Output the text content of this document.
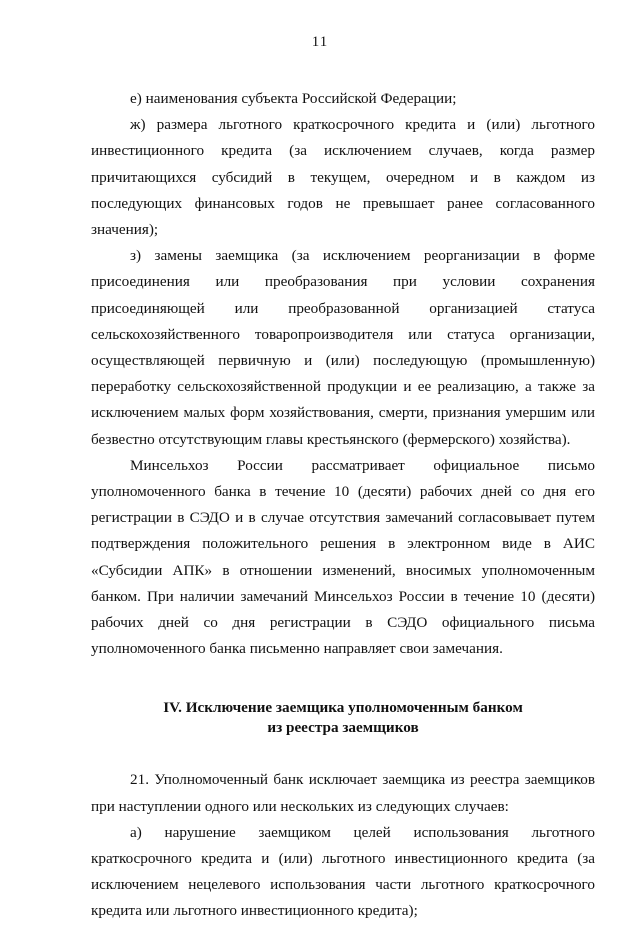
11

е) наименования субъекта Российской Федерации;

ж) размера льготного краткосрочного кредита и (или) льготного инвестиционного кредита (за исключением случаев, когда размер причитающихся субсидий в текущем, очередном и в каждом из последующих финансовых годов не превышает ранее согласованного значения);

з) замены заемщика (за исключением реорганизации в форме присоединения или преобразования при условии сохранения присоединяющей или преобразованной организацией статуса сельскохозяйственного товаропроизводителя или статуса организации, осуществляющей первичную и (или) последующую (промышленную) переработку сельскохозяйственной продукции и ее реализацию, а также за исключением малых форм хозяйствования, смерти, признания умершим или безвестно отсутствующим главы крестьянского (фермерского) хозяйства).

Минсельхоз России рассматривает официальное письмо уполномоченного банка в течение 10 (десяти) рабочих дней со дня его регистрации в СЭДО и в случае отсутствия замечаний согласовывает путем подтверждения положительного решения в электронном виде в АИС «Субсидии АПК» в отношении изменений, вносимых уполномоченным банком. При наличии замечаний Минсельхоз России в течение 10 (десяти) рабочих дней со дня регистрации в СЭДО официального письма уполномоченного банка письменно направляет свои замечания.

IV. Исключение заемщика уполномоченным банком
из реестра заемщиков

21. Уполномоченный банк исключает заемщика из реестра заемщиков при наступлении одного или нескольких из следующих случаев:

а) нарушение заемщиком целей использования льготного краткосрочного кредита и (или) льготного инвестиционного кредита (за исключением нецелевого использования части льготного краткосрочного кредита или льготного инвестиционного кредита);
